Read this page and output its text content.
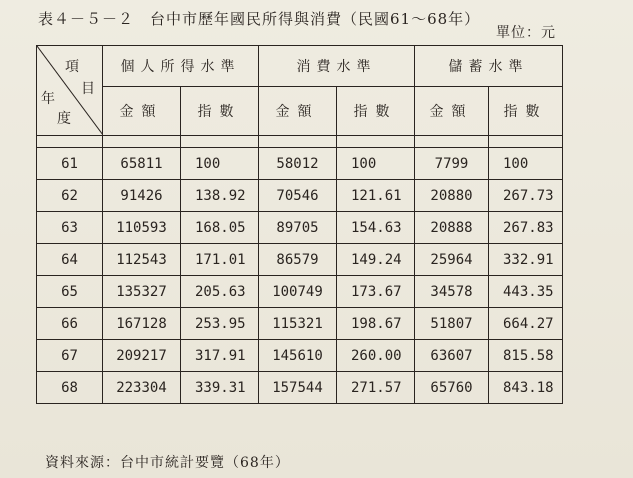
表４－５－２　台中市歷年國民所得與消費（民國61～68年）
單位：元
項
目
年
度	個人所得水準		消費水準		儲蓄水準	
	金額	指數	金額	指數	金額	指數

61	65811	100	58012	100	7799	100
62	91426	138.92	70546	121.61	20880	267.73
63	110593	168.05	89705	154.63	20888	267.83
64	112543	171.01	86579	149.24	25964	332.91
65	135327	205.63	100749	173.67	34578	443.35
66	167128	253.95	115321	198.67	51807	664.27
67	209217	317.91	145610	260.00	63607	815.58
68	223304	339.31	157544	271.57	65760	843.18
資料來源：台中市統計要覽（68年）
